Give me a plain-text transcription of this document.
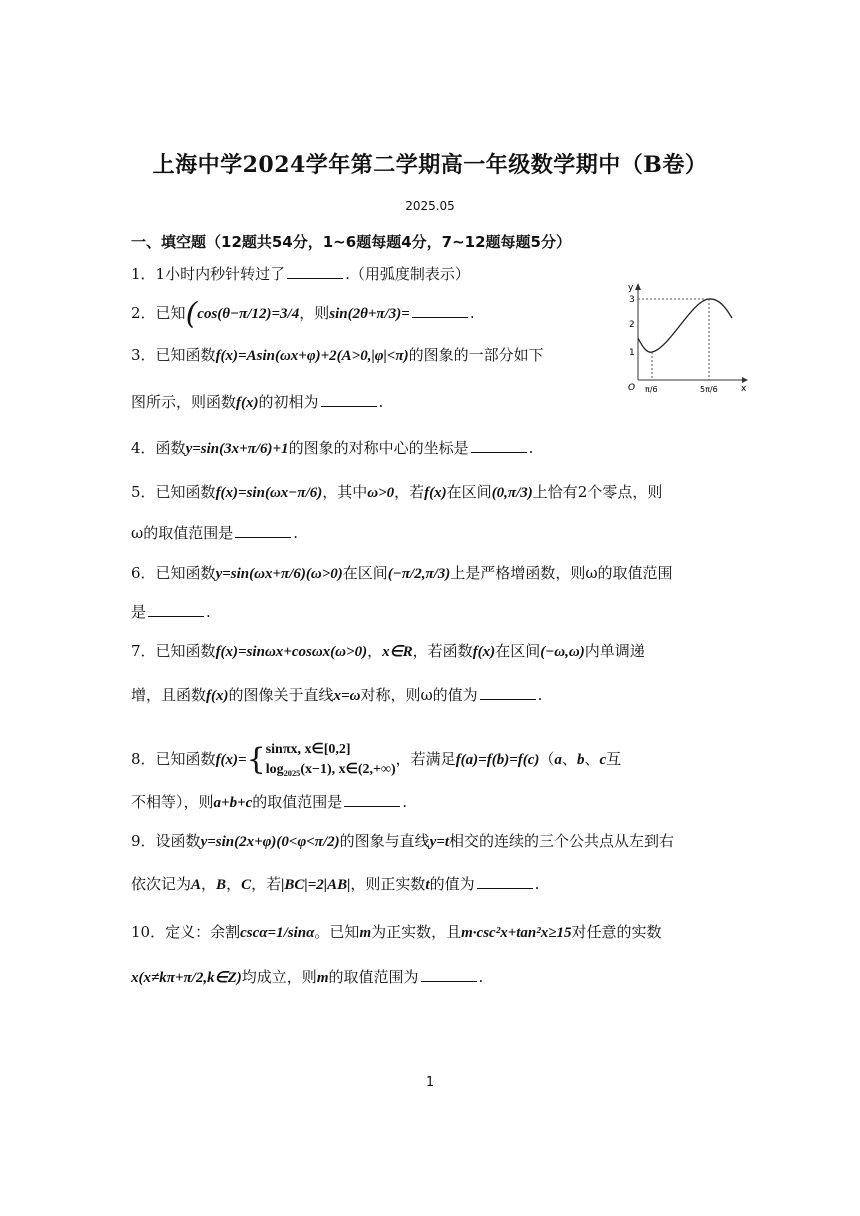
上海中学2024学年第二学期高一年级数学期中（B卷）
2025.05
一、填空题（12题共54分，1~6题每题4分，7~12题每题5分）
1．1小时内秒针转过了	.（用弧度制表示）
2．已知(cos(θ−π/12)=3/4，则sin(2θ+π/3)=	.
3．已知函数f(x)=Asin(ωx+φ)+2(A>0,|φ|<π)的图象的一部分如下
图所示，则函数f(x)的初相为	.
4．函数y=sin(3x+π/6)+1的图象的对称中心的坐标是	.
5．已知函数f(x)=sin(ωx−π/6)，其中ω>0，若f(x)在区间(0,π/3)上恰有2个零点，则
ω的取值范围是	.
6．已知函数y=sin(ωx+π/6)(ω>0)在区间(−π/2,π/3)上是严格增函数，则ω的取值范围
是	.
7．已知函数f(x)=sinωx+cosωx(ω>0)，x∈R，若函数f(x)在区间(−ω,ω)内单调递
增，且函数f(x)的图像关于直线x=ω对称，则ω的值为	.
8．已知函数f(x)={ sinπx, x∈[0,2]
log₂₀₂₅(x−1), x∈(2,+∞)
，若满足f(a)=f(b)=f(c)（a、b、c互
不相等），则a+b+c的取值范围是	.
9．设函数y=sin(2x+φ)(0<φ<π/2)的图象与直线y=t相交的连续的三个公共点从左到右
依次记为A，B，C，若|BC|=2|AB|，则正实数t的值为	.
10．定义：余割cscα=1/sinα。已知m为正实数，且m·csc²x+tan²x≥15对任意的实数
x(x≠kπ+π/2,k∈Z)均成立，则m的取值范围为	.
y
x
O
1
2
3
π/6	5π/6
1
